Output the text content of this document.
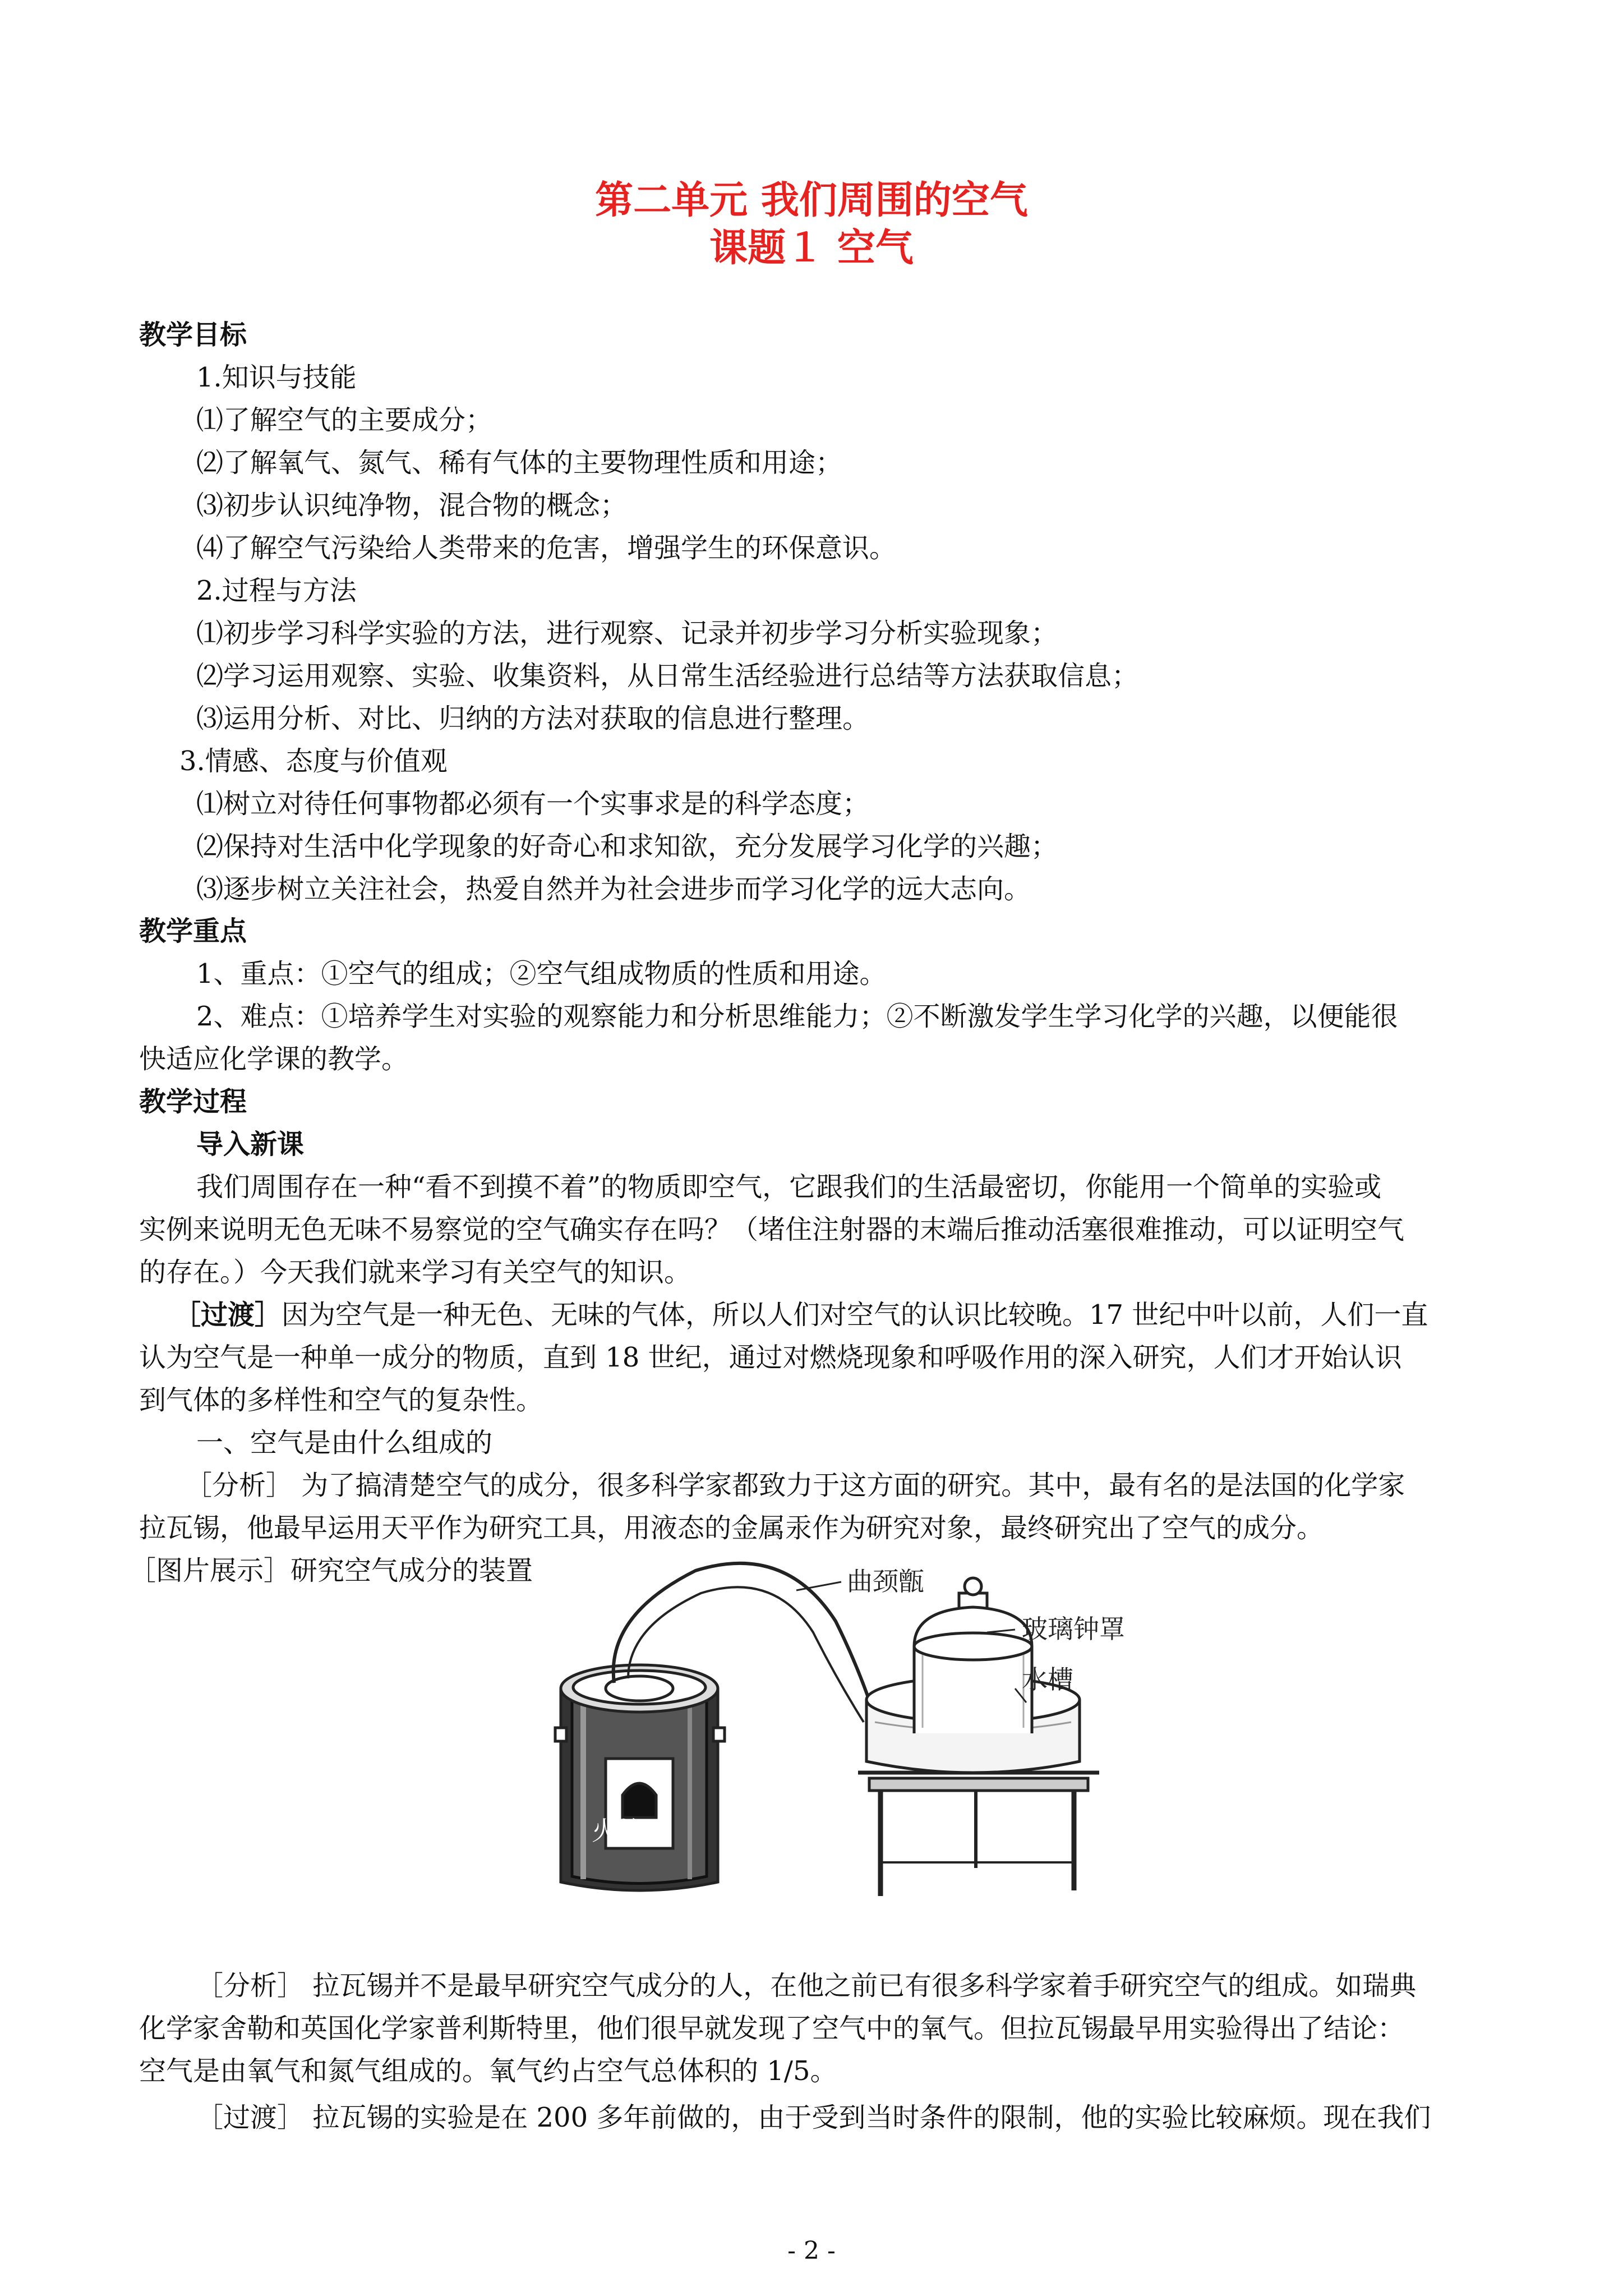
第二单元 我们周围的空气
课题１ 空气
教学目标
1.知识与技能
⑴了解空气的主要成分；
⑵了解氧气、氮气、稀有气体的主要物理性质和用途；
⑶初步认识纯净物，混合物的概念；
⑷了解空气污染给人类带来的危害，增强学生的环保意识。
2.过程与方法
⑴初步学习科学实验的方法，进行观察、记录并初步学习分析实验现象；
⑵学习运用观察、实验、收集资料，从日常生活经验进行总结等方法获取信息；
⑶运用分析、对比、归纳的方法对获取的信息进行整理。
3.情感、态度与价值观
⑴树立对待任何事物都必须有一个实事求是的科学态度；
⑵保持对生活中化学现象的好奇心和求知欲，充分发展学习化学的兴趣；
⑶逐步树立关注社会，热爱自然并为社会进步而学习化学的远大志向。
教学重点
1、重点：①空气的组成；②空气组成物质的性质和用途。
2、难点：①培养学生对实验的观察能力和分析思维能力；②不断激发学生学习化学的兴趣，以便能很
快适应化学课的教学。
教学过程
导入新课
我们周围存在一种“看不到摸不着”的物质即空气，它跟我们的生活最密切，你能用一个简单的实验或
实例来说明无色无味不易察觉的空气确实存在吗？（堵住注射器的末端后推动活塞很难推动，可以证明空气
的存在。）今天我们就来学习有关空气的知识。
［过渡］因为空气是一种无色、无味的气体，所以人们对空气的认识比较晚。17 世纪中叶以前，人们一直
认为空气是一种单一成分的物质，直到 18 世纪，通过对燃烧现象和呼吸作用的深入研究，人们才开始认识
到气体的多样性和空气的复杂性。
一、空气是由什么组成的
［分析］ 为了搞清楚空气的成分，很多科学家都致力于这方面的研究。其中，最有名的是法国的化学家
拉瓦锡，他最早运用天平作为研究工具，用液态的金属汞作为研究对象，最终研究出了空气的成分。
［图片展示］研究空气成分的装置	曲颈甑
玻璃钟罩
水槽
火炉
［分析］ 拉瓦锡并不是最早研究空气成分的人，在他之前已有很多科学家着手研究空气的组成。如瑞典
化学家舍勒和英国化学家普利斯特里，他们很早就发现了空气中的氧气。但拉瓦锡最早用实验得出了结论：
空气是由氧气和氮气组成的。氧气约占空气总体积的 1/5。
［过渡］ 拉瓦锡的实验是在 200 多年前做的，由于受到当时条件的限制，他的实验比较麻烦。现在我们
- 2 -
